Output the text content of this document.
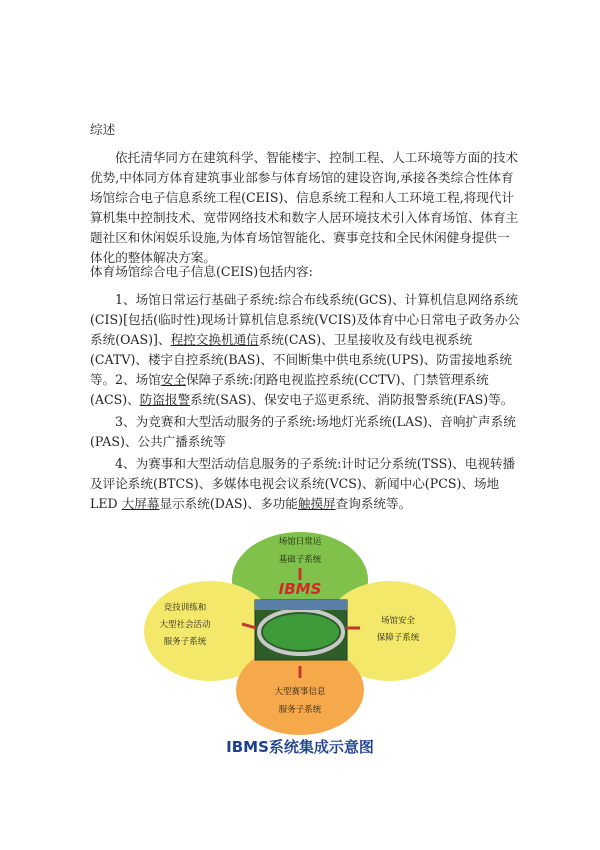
综述

依托清华同方在建筑科学、智能楼宇、控制工程、人工环境等方面的技术优势,中体同方体育建筑事业部参与体育场馆的建设咨询,承接各类综合性体育场馆综合电子信息系统工程(CEIS)、信息系统工程和人工环境工程,将现代计算机集中控制技术、宽带网络技术和数字人居环境技术引入体育场馆、体育主题社区和休闲娱乐设施,为体育场馆智能化、赛事竞技和全民休闲健身提供一体化的整体解决方案。

体育场馆综合电子信息(CEIS)包括内容:

1、场馆日常运行基础子系统:综合布线系统(GCS)、计算机信息网络系统(CIS)[包括(临时性)现场计算机信息系统(VCIS)及体育中心日常电子政务办公系统(OAS)]、程控交换机通信系统(CAS)、卫星接收及有线电视系统(CATV)、楼宇自控系统(BAS)、不间断集中供电系统(UPS)、防雷接地系统等。 2、场馆安全保障子系统:闭路电视监控系统(CCTV)、门禁管理系统(ACS)、防盗报警系统(SAS)、保安电子巡更系统、消防报警系统(FAS)等。

3、为竞赛和大型活动服务的子系统:场地灯光系统(LAS)、音响扩声系统(PAS)、公共广播系统等

4、为赛事和大型活动信息服务的子系统:计时记分系统(TSS)、电视转播及评论系统(BTCS)、多媒体电视会议系统(VCS)、新闻中心(PCS)、场地 LED 大屏幕显示系统(DAS)、多功能触摸屏查询系统等。

场馆日常运
基础子系统
IBMS
竞技训练和
大型社会活动
服务子系统
场馆安全
保障子系统
大型赛事信息
服务子系统
IBMS系统集成示意图
